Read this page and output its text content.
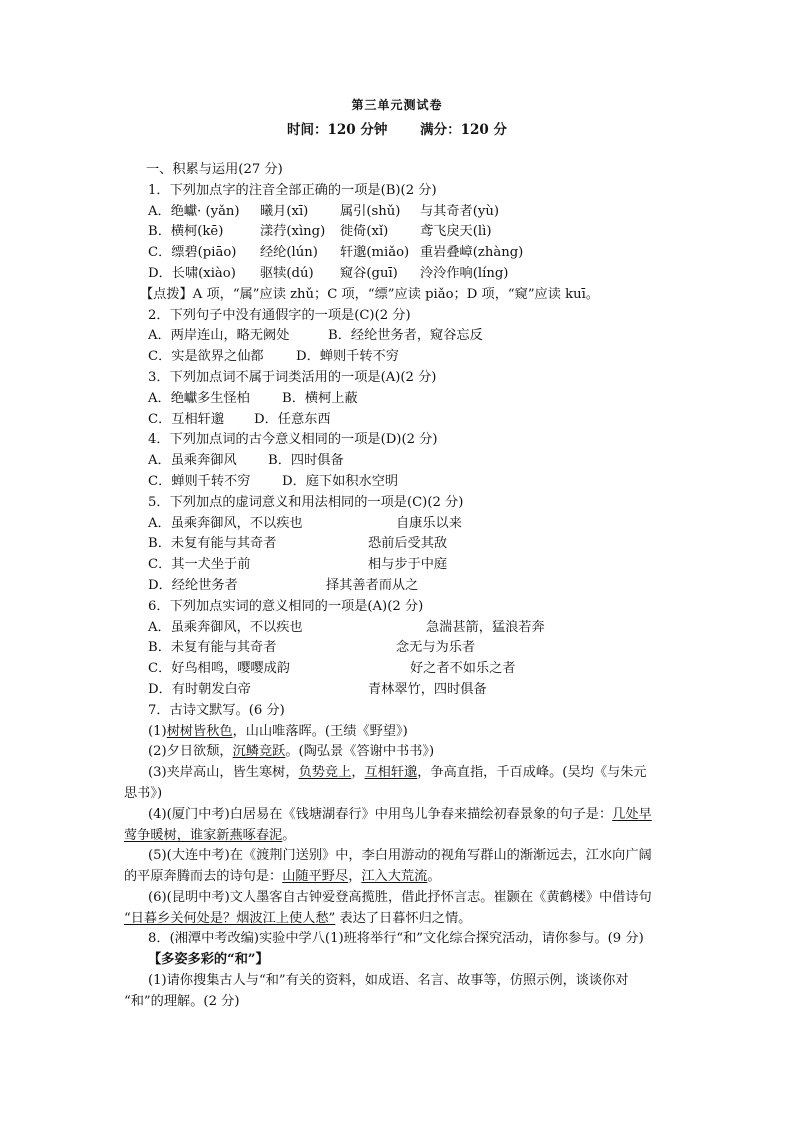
第三单元测试卷
时间：120 分钟 满分：120 分
一、积累与运用(27 分)
1．下列加点字的注音全部正确的一项是(B)(2 分)
A．绝巘· (yǎn) 曦月(xī) 属引(shǔ) 与其奇者(yù)
B．横柯(kē)	漾荇(xìng) 徙倚(xǐ) 鸢飞戾天(lì)
C．缥碧(piāo) 经纶(lún) 轩邈(miǎo) 重岩叠嶂(zhàng)
D．长啸(xiào) 驱犊(dú) 窥谷(guī) 泠泠作响(líng)
【点拨】A 项，“属”应读 zhǔ；C 项，“缥”应读 piǎo；D 项，“窥”应读 kuī。
2．下列句子中没有通假字的一项是(C)(2 分)
A．两岸连山，略无阙处	B．经纶世务者，窥谷忘反
C．实是欲界之仙都 D．蝉则千转不穷
3．下列加点词不属于词类活用的一项是(A)(2 分)
A．绝巘多生怪柏 B．横柯上蔽
C．互相轩邈 D．任意东西
4．下列加点词的古今意义相同的一项是(D)(2 分)
A．虽乘奔御风 B．四时俱备
C．蝉则千转不穷 D．庭下如积水空明
5．下列加点的虚词意义和用法相同的一项是(C)(2 分)
A．虽乘奔御风，不以疾也	自康乐以来
B．未复有能与其奇者	恐前后受其敌
C．其一犬坐于前	相与步于中庭
D．经纶世务者	择其善者而从之
6．下列加点实词的意义相同的一项是(A)(2 分)
A．虽乘奔御风，不以疾也	急湍甚箭，猛浪若奔
B．未复有能与其奇者	念无与为乐者
C．好鸟相鸣，嘤嘤成韵	好之者不如乐之者
D．有时朝发白帝	青林翠竹，四时俱备
7．古诗文默写。(6 分)
(1)树树皆秋色，山山唯落晖。(王绩《野望》)
(2)夕日欲颓，沉鳞竞跃。(陶弘景《答谢中书书》)
(3)夹岸高山，皆生寒树，负势竞上，互相轩邈，争高直指，千百成峰。(吴均《与朱元
思书》)
(4)(厦门中考)白居易在《钱塘湖春行》中用鸟儿争春来描绘初春景象的句子是：几处早
莺争暖树，谁家新燕啄春泥。
(5)(大连中考)在《渡荆门送别》中，李白用游动的视角写群山的渐渐远去，江水向广阔
的平原奔腾而去的诗句是：山随平野尽，江入大荒流。
(6)(昆明中考)文人墨客自古钟爱登高揽胜，借此抒怀言志。崔颢在《黄鹤楼》中借诗句
“日暮乡关何处是？烟波江上使人愁” 表达了日暮怀归之情。
8．(湘潭中考改编)实验中学八(1)班将举行“和”文化综合探究活动，请你参与。(9 分)
【多姿多彩的“和”】
(1)请你搜集古人与“和”有关的资料，如成语、名言、故事等，仿照示例，谈谈你对
“和”的理解。(2 分)
